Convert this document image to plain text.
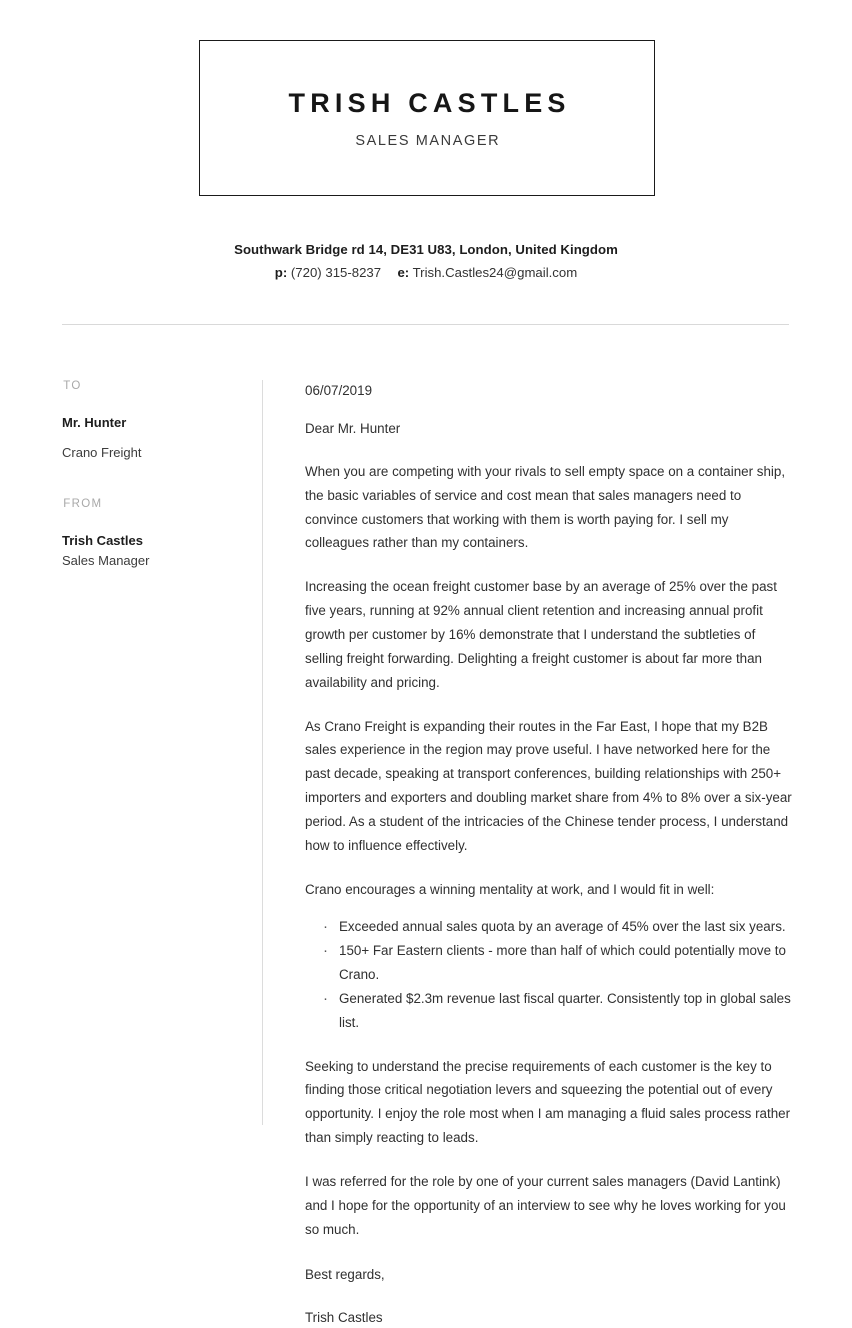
TRISH CASTLES
SALES MANAGER
Southwark Bridge rd 14, DE31 U83, London, United Kingdom
p: (720) 315-8237 e: Trish.Castles24@gmail.com
TO
Mr. Hunter
Crano Freight
FROM
Trish Castles
Sales Manager
06/07/2019
Dear Mr. Hunter

When you are competing with your rivals to sell empty space on a container ship, the basic variables of service and cost mean that sales managers need to convince customers that working with them is worth paying for. I sell my colleagues rather than my containers.

Increasing the ocean freight customer base by an average of 25% over the past five years, running at 92% annual client retention and increasing annual profit growth per customer by 16% demonstrate that I understand the subtleties of selling freight forwarding. Delighting a freight customer is about far more than availability and pricing.

As Crano Freight is expanding their routes in the Far East, I hope that my B2B sales experience in the region may prove useful. I have networked here for the past decade, speaking at transport conferences, building relationships with 250+ importers and exporters and doubling market share from 4% to 8% over a six-year period. As a student of the intricacies of the Chinese tender process, I understand how to influence effectively.

Crano encourages a winning mentality at work, and I would fit in well:

· Exceeded annual sales quota by an average of 45% over the last six years.
· 150+ Far Eastern clients - more than half of which could potentially move to Crano.
· Generated $2.3m revenue last fiscal quarter. Consistently top in global sales list.

Seeking to understand the precise requirements of each customer is the key to finding those critical negotiation levers and squeezing the potential out of every opportunity. I enjoy the role most when I am managing a fluid sales process rather than simply reacting to leads.

I was referred for the role by one of your current sales managers (David Lantink) and I hope for the opportunity of an interview to see why he loves working for you so much.

Best regards,
Trish Castles
